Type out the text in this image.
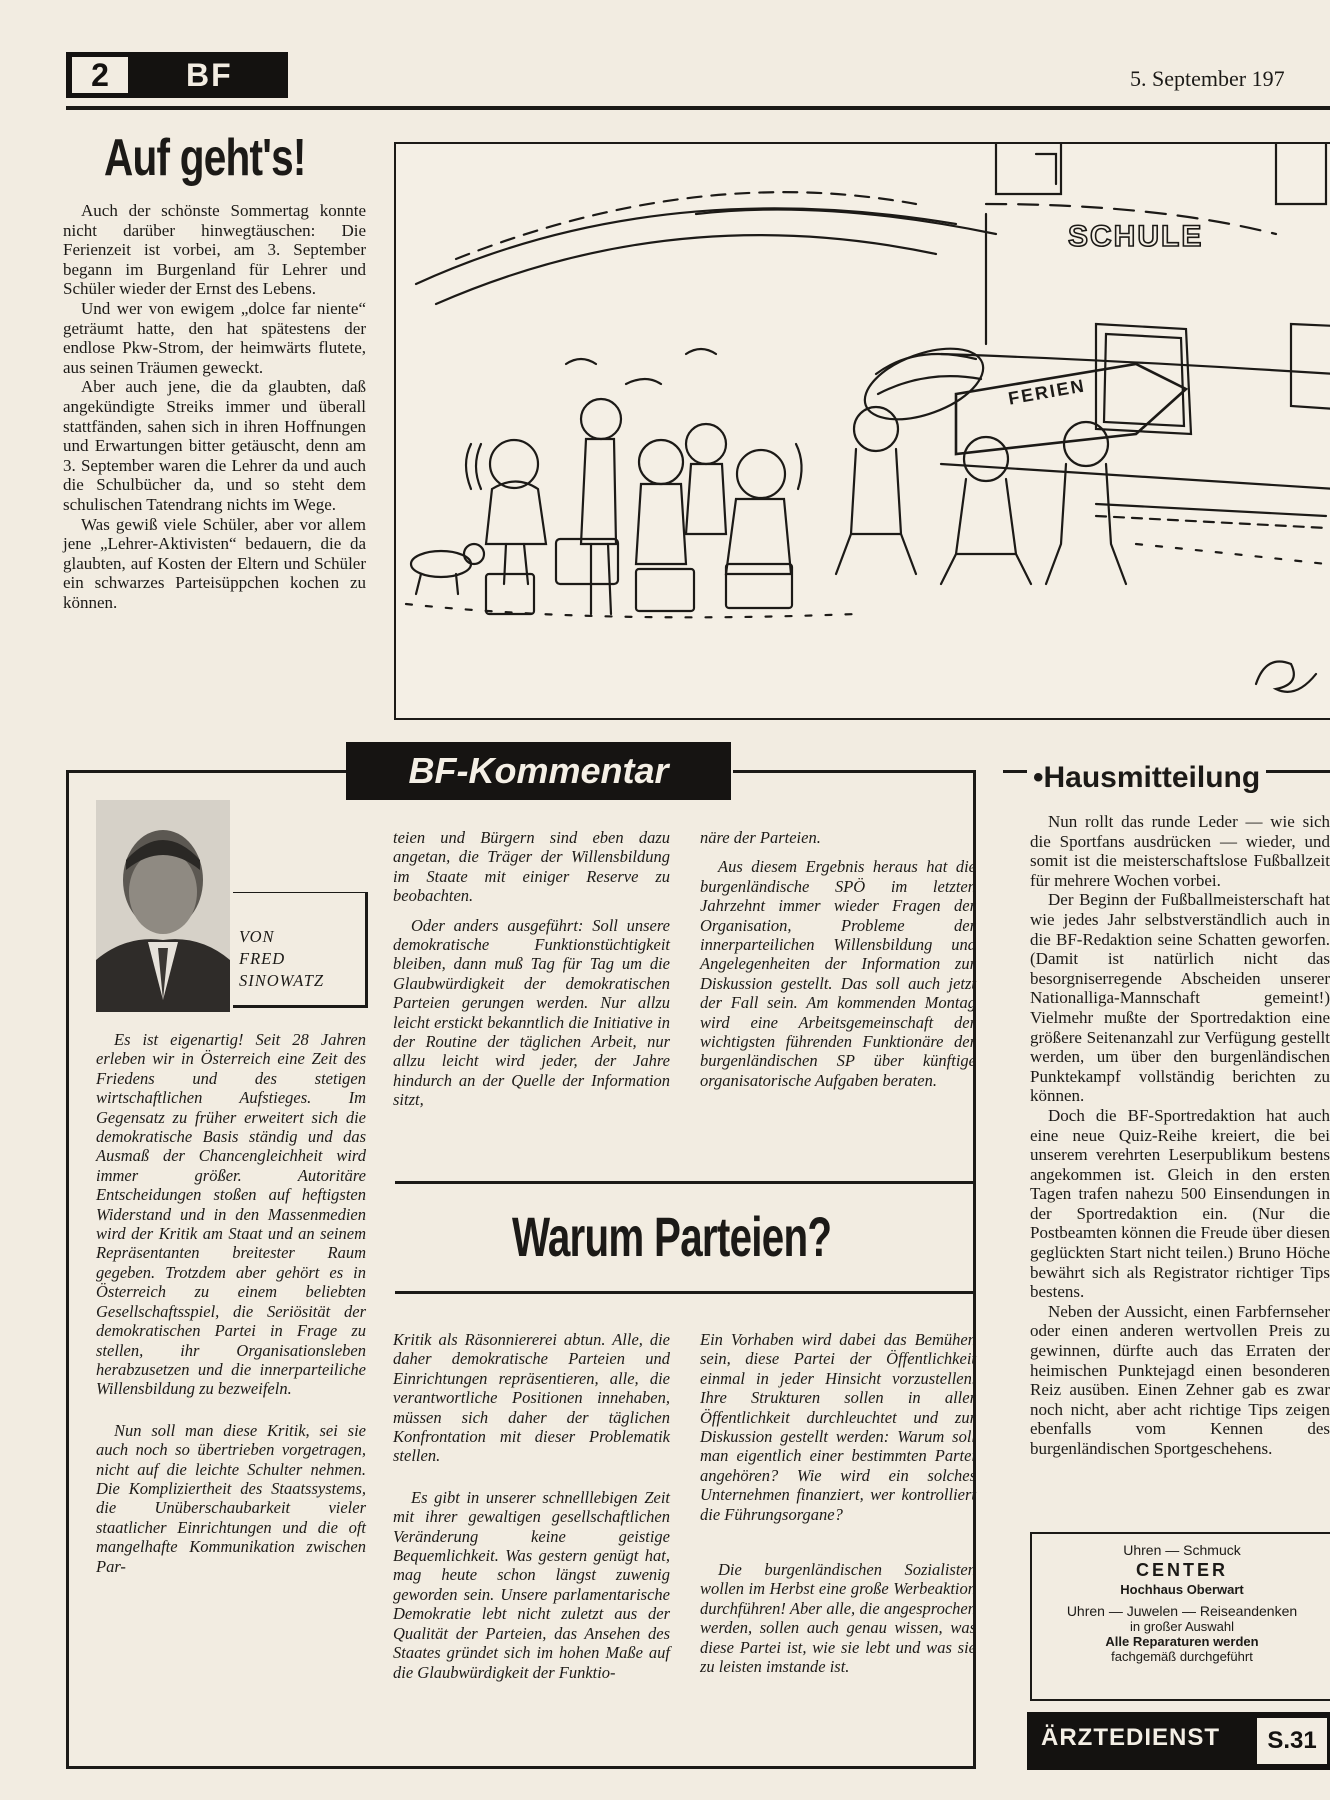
2	BF	5. September 197
Auf geht's!

Auch der schönste Sommertag konnte nicht darüber hinwegtäuschen: Die Ferienzeit ist vorbei, am 3. September begann im Burgenland für Lehrer und Schüler wieder der Ernst des Lebens.

Und wer von ewigem „dolce far niente“ geträumt hatte, den hat spätestens der endlose Pkw-Strom, der heimwärts flutete, aus seinen Träumen geweckt.

Aber auch jene, die da glaubten, daß angekündigte Streiks immer und überall stattfänden, sahen sich in ihren Hoffnungen und Erwartungen bitter getäuscht, denn am 3. September waren die Lehrer da und auch die Schulbücher da, und so steht dem schulischen Tatendrang nichts im Wege.

Was gewiß viele Schüler, aber vor allem jene „Lehrer-Aktivisten“ bedauern, die da glaubten, auf Kosten der Eltern und Schüler ein schwarzes Parteisüppchen kochen zu können.

SCHULE
FERIEN
BF-Kommentar
VON
FRED
SINOWATZ

Es ist eigenartig! Seit 28 Jahren erleben wir in Österreich eine Zeit des Friedens und des stetigen wirtschaftlichen Aufstieges. Im Gegensatz zu früher erweitert sich die demokratische Basis ständig und das Ausmaß der Chancengleichheit wird immer größer. Autoritäre Entscheidungen stoßen auf heftigsten Widerstand und in den Massenmedien wird der Kritik am Staat und an seinem Repräsentanten breitester Raum gegeben. Trotzdem aber gehört es in Österreich zu einem beliebten Gesellschaftsspiel, die Seriösität der demokratischen Partei in Frage zu stellen, ihr Organisationsleben herabzusetzen und die innerparteiliche Willensbildung zu bezweifeln.

Nun soll man diese Kritik, sei sie auch noch so übertrieben vorgetragen, nicht auf die leichte Schulter nehmen. Die Kompliziertheit des Staatssystems, die Unüberschaubarkeit vieler staatlicher Einrichtungen und die oft mangelhafte Kommunikation zwischen Par-

teien und Bürgern sind eben dazu angetan, die Träger der Willensbildung im Staate mit einiger Reserve zu beobachten.

Oder anders ausgeführt: Soll unsere demokratische Funktionstüchtigkeit bleiben, dann muß Tag für Tag um die Glaubwürdigkeit der demokratischen Parteien gerungen werden. Nur allzu leicht erstickt bekanntlich die Initiative in der Routine der täglichen Arbeit, nur allzu leicht wird jeder, der Jahre hindurch an der Quelle der Information sitzt,

näre der Parteien.

Aus diesem Ergebnis heraus hat die burgenländische SPÖ im letzten Jahrzehnt immer wieder Fragen der Organisation, Probleme der innerparteilichen Willensbildung und Angelegenheiten der Information zur Diskussion gestellt. Das soll auch jetzt der Fall sein. Am kommenden Montag wird eine Arbeitsgemeinschaft der wichtigsten führenden Funktionäre der burgenländischen SP über künftige organisatorische Aufgaben beraten.

Warum Parteien?

Kritik als Räsonniererei abtun. Alle, die daher demokratische Parteien und Einrichtungen repräsentieren, alle, die verantwortliche Positionen innehaben, müssen sich daher der täglichen Konfrontation mit dieser Problematik stellen.

Es gibt in unserer schnelllebigen Zeit mit ihrer gewaltigen gesellschaftlichen Veränderung keine geistige Bequemlichkeit. Was gestern genügt hat, mag heute schon längst zuwenig geworden sein. Unsere parlamentarische Demokratie lebt nicht zuletzt aus der Qualität der Parteien, das Ansehen des Staates gründet sich im hohen Maße auf die Glaubwürdigkeit der Funktio-

Ein Vorhaben wird dabei das Bemühen sein, diese Partei der Öffentlichkeit einmal in jeder Hinsicht vorzustellen. Ihre Strukturen sollen in aller Öffentlichkeit durchleuchtet und zur Diskussion gestellt werden: Warum soll man eigentlich einer bestimmten Partei angehören? Wie wird ein solches Unternehmen finanziert, wer kontrolliert die Führungsorgane?

Die burgenländischen Sozialisten wollen im Herbst eine große Werbeaktion durchführen! Aber alle, die angesprochen werden, sollen auch genau wissen, was diese Partei ist, wie sie lebt und was sie zu leisten imstande ist.

•Hausmitteilung

Nun rollt das runde Leder — wie sich die Sportfans ausdrücken — wieder, und somit ist die meisterschaftslose Fußballzeit für mehrere Wochen vorbei.

Der Beginn der Fußballmeisterschaft hat wie jedes Jahr selbstverständlich auch in die BF-Redaktion seine Schatten geworfen. (Damit ist natürlich nicht das besorgniserregende Abscheiden unserer Nationalliga-Mannschaft gemeint!) Vielmehr mußte der Sportredaktion eine größere Seitenanzahl zur Verfügung gestellt werden, um über den burgenländischen Punktekampf vollständig berichten zu können.

Doch die BF-Sportredaktion hat auch eine neue Quiz-Reihe kreiert, die bei unserem verehrten Leserpublikum bestens angekommen ist. Gleich in den ersten Tagen trafen nahezu 500 Einsendungen in der Sportredaktion ein. (Nur die Postbeamten können die Freude über diesen geglückten Start nicht teilen.) Bruno Höche bewährt sich als Registrator richtiger Tips bestens.

Neben der Aussicht, einen Farbfernseher oder einen anderen wertvollen Preis zu gewinnen, dürfte auch das Erraten der heimischen Punktejagd einen besonderen Reiz ausüben. Einen Zehner gab es zwar noch nicht, aber acht richtige Tips zeigen ebenfalls vom Kennen des burgenländischen Sportgeschehens.

Uhren — Schmuck
CENTER
Hochhaus Oberwart
Uhren — Juwelen — Reiseandenken
in großer Auswahl
Alle Reparaturen werden
fachgemäß durchgeführt
ÄRZTEDIENST	S.31
